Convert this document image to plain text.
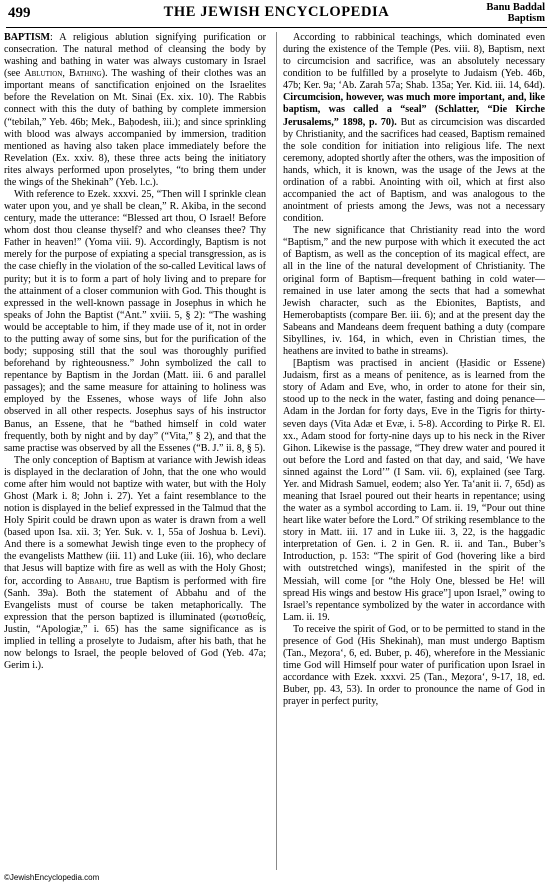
499	THE JEWISH ENCYCLOPEDIA	Banu Baddal
Baptism

BAPTISM: A religious ablution signifying purification or consecration. The natural method of cleansing the body by washing and bathing in water was always customary in Israel (see Ablution, Bathing). The washing of their clothes was an important means of sanctification enjoined on the Israelites before the Revelation on Mt. Sinai (Ex. xix. 10). The Rabbis connect with this the duty of bathing by complete immersion (“tebilah,” Yeb. 46b; Mek., Baḥodesh, iii.); and since sprinkling with blood was always accompanied by immersion, tradition mentioned as having also taken place immediately before the Revelation (Ex. xxiv. 8), these three acts being the initiatory rites always performed upon proselytes, “to bring them under the wings of the Shekinah” (Yeb. l.c.).

With reference to Ezek. xxxvi. 25, “Then will I sprinkle clean water upon you, and ye shall be clean,” R. Akiba, in the second century, made the utterance: “Blessed art thou, O Israel! Before whom dost thou cleanse thyself? and who cleanses thee? Thy Father in heaven!” (Yoma viii. 9). Accordingly, Baptism is not merely for the purpose of expiating a special transgression, as is the case chiefly in the violation of the so-called Levitical laws of purity; but it is to form a part of holy living and to prepare for the attainment of a closer communion with God. This thought is expressed in the well-known passage in Josephus in which he speaks of John the Baptist (“Ant.” xviii. 5, § 2): “The washing would be acceptable to him, if they made use of it, not in order to the putting away of some sins, but for the purification of the body; supposing still that the soul was thoroughly purified beforehand by righteousness.” John symbolized the call to repentance by Baptism in the Jordan (Matt. iii. 6 and parallel passages); and the same measure for attaining to holiness was employed by the Essenes, whose ways of life John also observed in all other respects. Josephus says of his instructor Banus, an Essene, that he “bathed himself in cold water frequently, both by night and by day” (“Vita,” § 2), and that the same practise was observed by all the Essenes (“B. J.” ii. 8, § 5).

The only conception of Baptism at variance with Jewish ideas is displayed in the declaration of John, that the one who would come after him would not baptize with water, but with the Holy Ghost (Mark i. 8; John i. 27). Yet a faint resemblance to the notion is displayed in the belief expressed in the Talmud that the Holy Spirit could be drawn upon as water is drawn from a well (based upon Isa. xii. 3; Yer. Suk. v. 1, 55a of Joshua b. Levi). And there is a somewhat Jewish tinge even to the prophecy of the evangelists Matthew (iii. 11) and Luke (iii. 16), who declare that Jesus will baptize with fire as well as with the Holy Ghost; for, according to Abbahu, true Baptism is performed with fire (Sanh. 39a). Both the statement of Abbahu and of the Evangelists must of course be taken metaphorically. The expression that the person baptized is illuminated (φωτισθείς, Justin, “Apologiæ,” i. 65) has the same significance as is implied in telling a proselyte to Judaism, after his bath, that he now belongs to Israel, the people beloved of God (Yeb. 47a; Gerim i.).

According to rabbinical teachings, which dominated even during the existence of the Temple (Pes. viii. 8), Baptism, next to circumcision and sacrifice, was an absolutely necessary condition to be fulfilled by a proselyte to Judaism (Yeb. 46b, 47b; Ker. 9a; ‘Ab. Zarah 57a; Shab. 135a; Yer. Kid. iii. 14, 64d). Circumcision, however, was much more important, and, like baptism, was called a “seal” (Schlatter, “Die Kirche Jerusalems,” 1898, p. 70). But as circumcision was discarded by Christianity, and the sacrifices had ceased, Baptism remained the sole condition for initiation into religious life. The next ceremony, adopted shortly after the others, was the imposition of hands, which, it is known, was the usage of the Jews at the ordination of a rabbi. Anointing with oil, which at first also accompanied the act of Baptism, and was analogous to the anointment of priests among the Jews, was not a necessary condition.

The new significance that Christianity read into the word “Baptism,” and the new purpose with which it executed the act of Baptism, as well as the conception of its magical effect, are all in the line of the natural development of Christianity. The original form of Baptism—frequent bathing in cold water—remained in use later among the sects that had a somewhat Jewish character, such as the Ebionites, Baptists, and Hemerobaptists (compare Ber. iii. 6); and at the present day the Sabeans and Mandeans deem frequent bathing a duty (compare Sibyllines, iv. 164, in which, even in Christian times, the heathens are invited to bathe in streams).

[Baptism was practised in ancient (Ḥasidic or Essene) Judaism, first as a means of penitence, as is learned from the story of Adam and Eve, who, in order to atone for their sin, stood up to the neck in the water, fasting and doing penance—Adam in the Jordan for forty days, Eve in the Tigris for thirty-seven days (Vita Adæ et Evæ, i. 5-8). According to Pirḳe R. El. xx., Adam stood for forty-nine days up to his neck in the River Gihon. Likewise is the passage, “They drew water and poured it out before the Lord and fasted on that day, and said, ‘We have sinned against the Lord’” (I Sam. vii. 6), explained (see Targ. Yer. and Midrash Samuel, eodem; also Yer. Ta‘anit ii. 7, 65d) as meaning that Israel poured out their hearts in repentance; using the water as a symbol according to Lam. ii. 19, “Pour out thine heart like water before the Lord.” Of striking resemblance to the story in Matt. iii. 17 and in Luke iii. 3, 22, is the haggadic interpretation of Gen. i. 2 in Gen. R. ii. and Tan., Buber’s Introduction, p. 153: “The spirit of God (hovering like a bird with outstretched wings), manifested in the spirit of the Messiah, will come [or “the Holy One, blessed be He! will spread His wings and bestow His grace”] upon Israel,” owing to Israel’s repentance symbolized by the water in accordance with Lam. ii. 19.

To receive the spirit of God, or to be permitted to stand in the presence of God (His Shekinah), man must undergo Baptism (Tan., Meẓora‘, 6, ed. Buber, p. 46), wherefore in the Messianic time God will Himself pour water of purification upon Israel in accordance with Ezek. xxxvi. 25 (Tan., Meẓora‘, 9-17, 18, ed. Buber, pp. 43, 53). In order to pronounce the name of God in prayer in perfect purity,

©JewishEncyclopedia.com
